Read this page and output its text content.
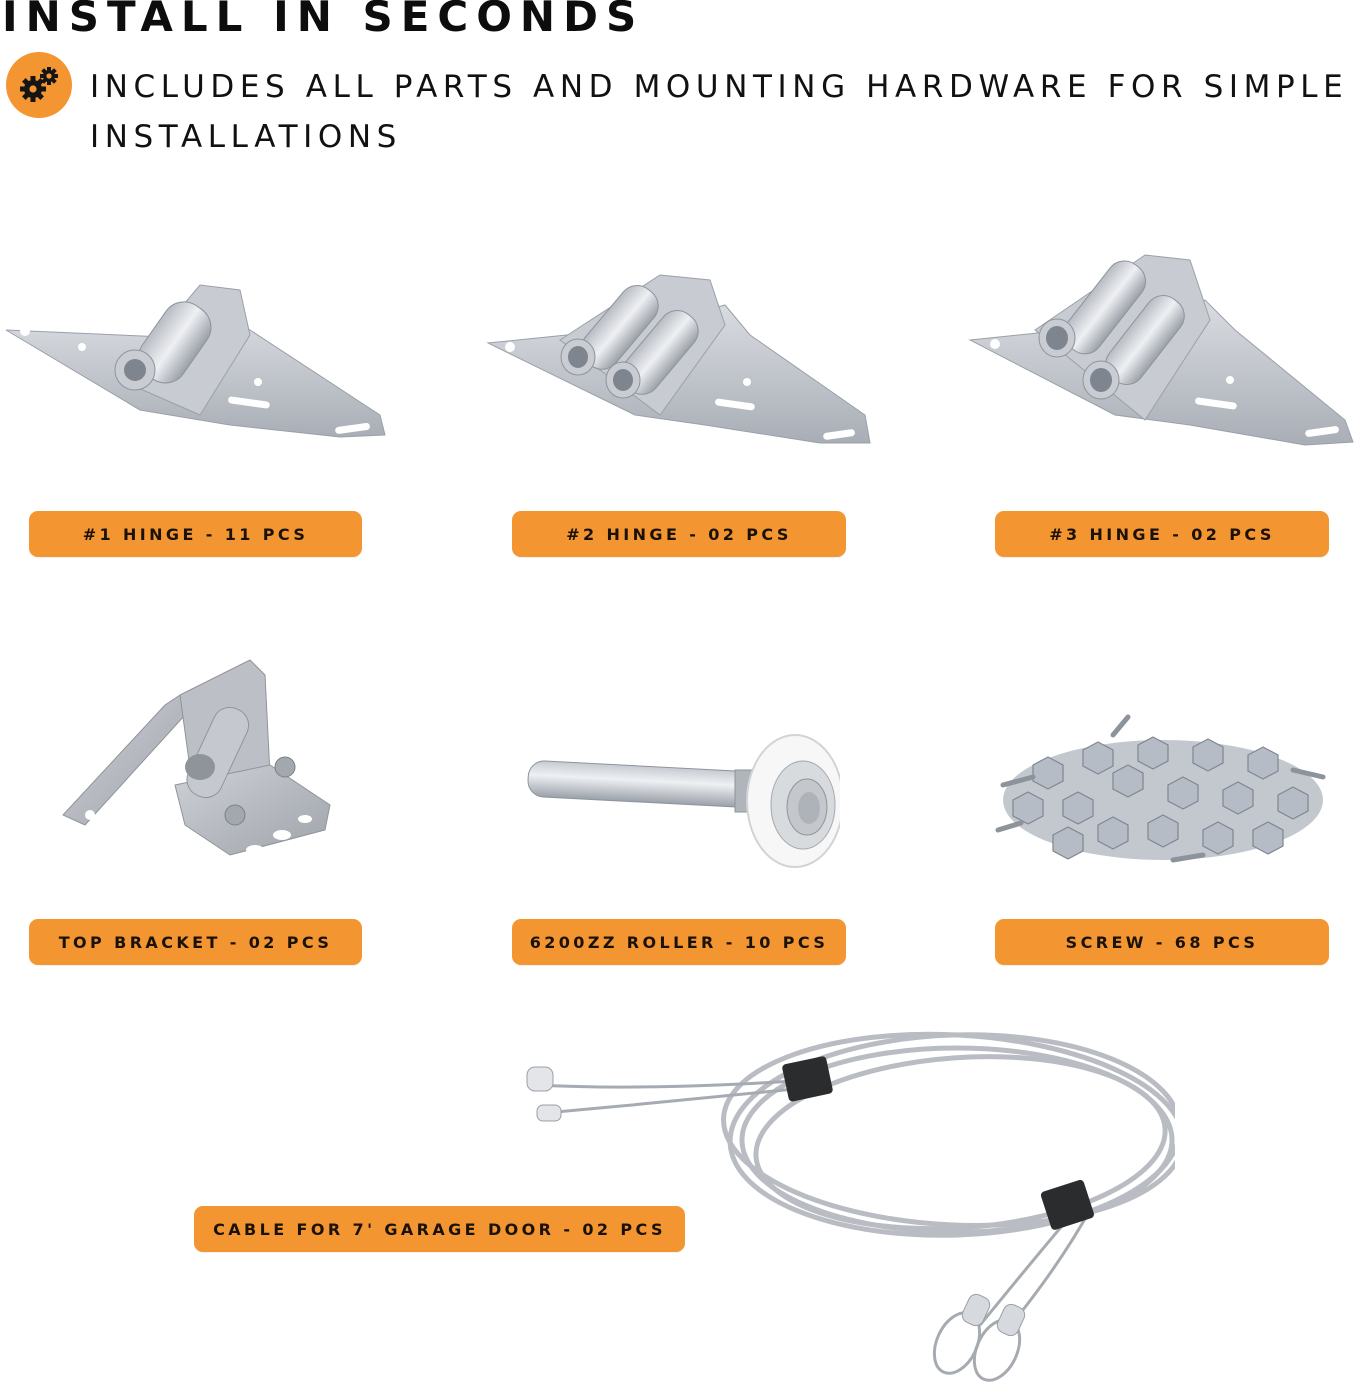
INSTALL IN SECONDS
INCLUDES ALL PARTS AND MOUNTING HARDWARE FOR SIMPLE INSTALLATIONS
#1 HINGE - 11 PCS	#2 HINGE - 02 PCS	#3 HINGE - 02 PCS
TOP BRACKET - 02 PCS	6200ZZ ROLLER - 10 PCS	SCREW - 68 PCS
CABLE FOR 7' GARAGE DOOR - 02 PCS
